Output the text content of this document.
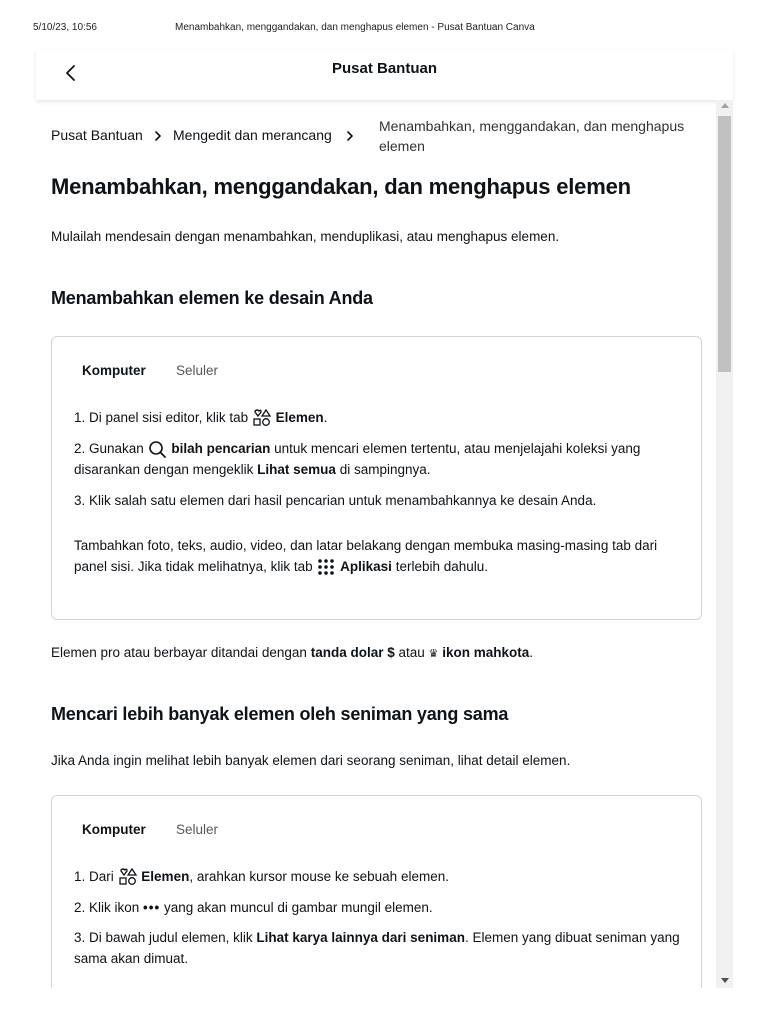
5/10/23, 10:56	Menambahkan, menggandakan, dan menghapus elemen - Pusat Bantuan Canva
Pusat Bantuan
Pusat Bantuan Mengedit dan merancang
Menambahkan, menggandakan, dan menghapus elemen
Menambahkan, menggandakan, dan menghapus elemen

Mulailah mendesain dengan menambahkan, menduplikasi, atau menghapus elemen.

Menambahkan elemen ke desain Anda
Komputer Seluler
1. Di panel sisi editor, klik tab Elemen.
2. Gunakan bilah pencarian untuk mencari elemen tertentu, atau menjelajahi koleksi yang disarankan dengan mengeklik Lihat semua di sampingnya.
3. Klik salah satu elemen dari hasil pencarian untuk menambahkannya ke desain Anda.
Tambahkan foto, teks, audio, video, dan latar belakang dengan membuka masing-masing tab dari panel sisi. Jika tidak melihatnya, klik tab Aplikasi terlebih dahulu.

Elemen pro atau berbayar ditandai dengan tanda dolar $ atau ♛ ikon mahkota.

Mencari lebih banyak elemen oleh seniman yang sama

Jika Anda ingin melihat lebih banyak elemen dari seorang seniman, lihat detail elemen.

Komputer Seluler
1. Dari Elemen, arahkan kursor mouse ke sebuah elemen.
2. Klik ikon ••• yang akan muncul di gambar mungil elemen.
3. Di bawah judul elemen, klik Lihat karya lainnya dari seniman. Elemen yang dibuat seniman yang sama akan dimuat.
